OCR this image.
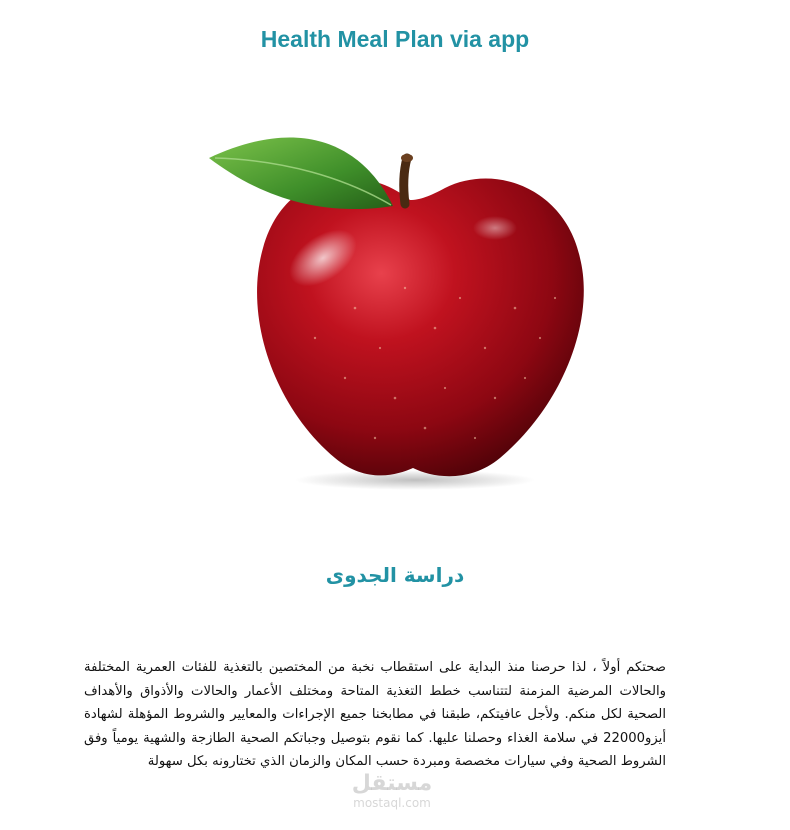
Health Meal Plan via app
دراسة الجدوى
صحتكم أولاً ، لذا حرصنا منذ البداية على استقطاب نخبة من المختصين بالتغذية للفئات العمرية المختلفة والحالات المرضية المزمنة لتتناسب خطط التغذية المتاحة ومختلف الأعمار والحالات والأذواق والأهداف الصحية لكل منكم. ولأجل عافيتكم، طبقنا في مطابخنا جميع الإجراءات والمعايير والشروط المؤهلة لشهادة أيزو22000 في سلامة الغذاء وحصلنا عليها. كما نقوم بتوصيل وجباتكم الصحية الطازجة والشهية يومياً وفق الشروط الصحية وفي سيارات مخصصة ومبردة حسب المكان والزمان الذي تختارونه بكل سهولة
مستقل
mostaql.com
